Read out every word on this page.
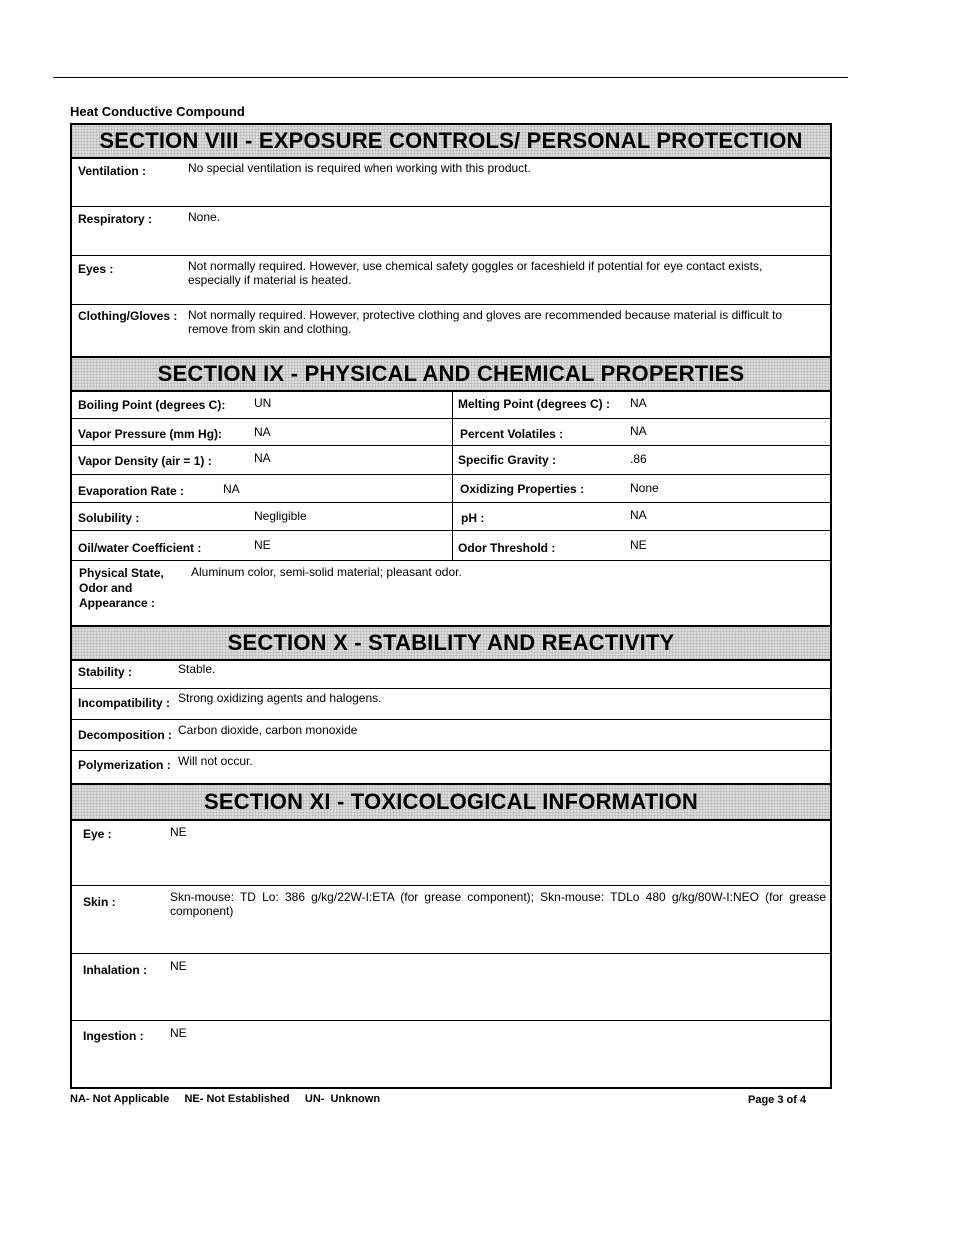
Heat Conductive Compound
SECTION VIII - EXPOSURE CONTROLS/ PERSONAL PROTECTION
Ventilation :	No special ventilation is required when working with this product.
Respiratory :	None.
Eyes :	Not normally required. However, use chemical safety goggles or faceshield if potential for eye contact exists, especially if material is heated.
Clothing/Gloves : Not normally required. However, protective clothing and gloves are recommended because material is difficult to remove from skin and clothing.
SECTION IX - PHYSICAL AND CHEMICAL PROPERTIES
Boiling Point (degrees C): UN	Melting Point (degrees C) : NA
Vapor Pressure (mm Hg):	NA	Percent Volatiles :	NA
Vapor Density (air = 1) :	NA	Specific Gravity :	.86
Evaporation Rate :	NA	Oxidizing Properties :	None
Solubility :	Negligible	pH :	NA
Oil/water Coefficient :	NE	Odor Threshold :	NE
Physical State,
Odor and
Appearance :
Aluminum color, semi-solid material; pleasant odor.
SECTION X - STABILITY AND REACTIVITY
Stability :	Stable.
Incompatibility : Strong oxidizing agents and halogens.
Decomposition : Carbon dioxide, carbon monoxide
Polymerization : Will not occur.
SECTION XI - TOXICOLOGICAL INFORMATION
Eye :	NE
Skin :	Skn-mouse: TD Lo: 386 g/kg/22W-I:ETA (for grease component); Skn-mouse: TDLo 480 g/kg/80W-I:NEO (for grease component)
Inhalation : NE
Ingestion : NE
NA- Not Applicable     NE- Not Established     UN-  Unknown	Page 3 of 4
